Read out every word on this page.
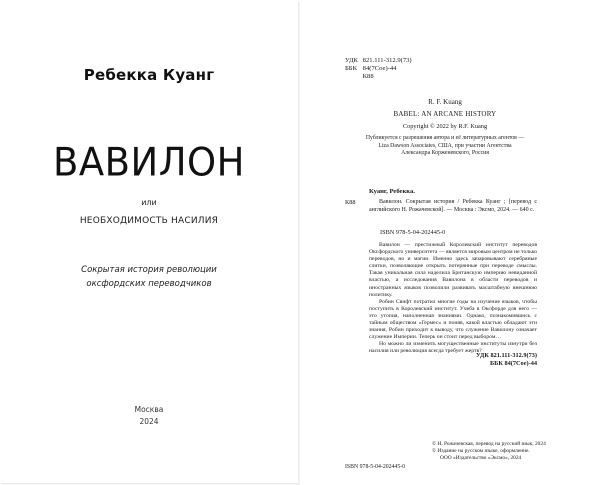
Ребекка Куанг
ВАВИЛОН
или
НЕОБХОДИМОСТЬ НАСИЛИЯ
Сокрытая история революции
оксфордских переводчиков
Москва
2024
УДК 821.111-312.9(73)
ББК 84(7Сое)-44
К88
R. F. Kuang
BABEL: AN ARCANE HISTORY
Copyright © 2022 by R.F. Kuang
Публикуется с разрешения автора и её литературных агентов —
Liza Dawson Associates, США, при участии Агентства
Александра Корженевского, Россия
Куанг, Ребекка.
К88	Вавилон. Сокрытая история / Ребекка Куанг ; [перевод с английского Н. Рожачевской]. — Москва : Эксмо, 2024. — 640 с.
ISBN 978-5-04-202445-0

Вавилон — престижный Королевский институт переводов Оксфордского университета — является мировым центром не только переводов, но и магии. Именно здесь зачаровывают серебряные слитки, позволяющие открыть потерянные при переводе смыслы. Такая уникальная сила наделила Британскую империю невиданной властью, а исследования Вавилона в области переводов и иностранных языков позволили развивать масштабную внешнюю политику.

Робин Свифт потратил многие годы на изучение языков, чтобы поступить в Королевский институт. Учеба в Оксфорде для него — это утопия, наполненная знаниями. Однако, познакомившись с тайным обществом «Гермес» и поняв, какой властью обладают эти знания, Робин приходит к выводу, что служение Вавилону означает служение Империи. Теперь он стоит перед выбором…

Но можно ли изменить могущественные институты изнутри без насилия или революция всегда требует жертв?

УДК 821.111-312.9(73)
ББК 84(7Сое)-44
© Н. Рожачевская, перевод на русский язык, 2024
© Издание на русском языке, оформление.
ООО «Издательство «Эксмо», 2024
ISBN 978-5-04-202445-0
